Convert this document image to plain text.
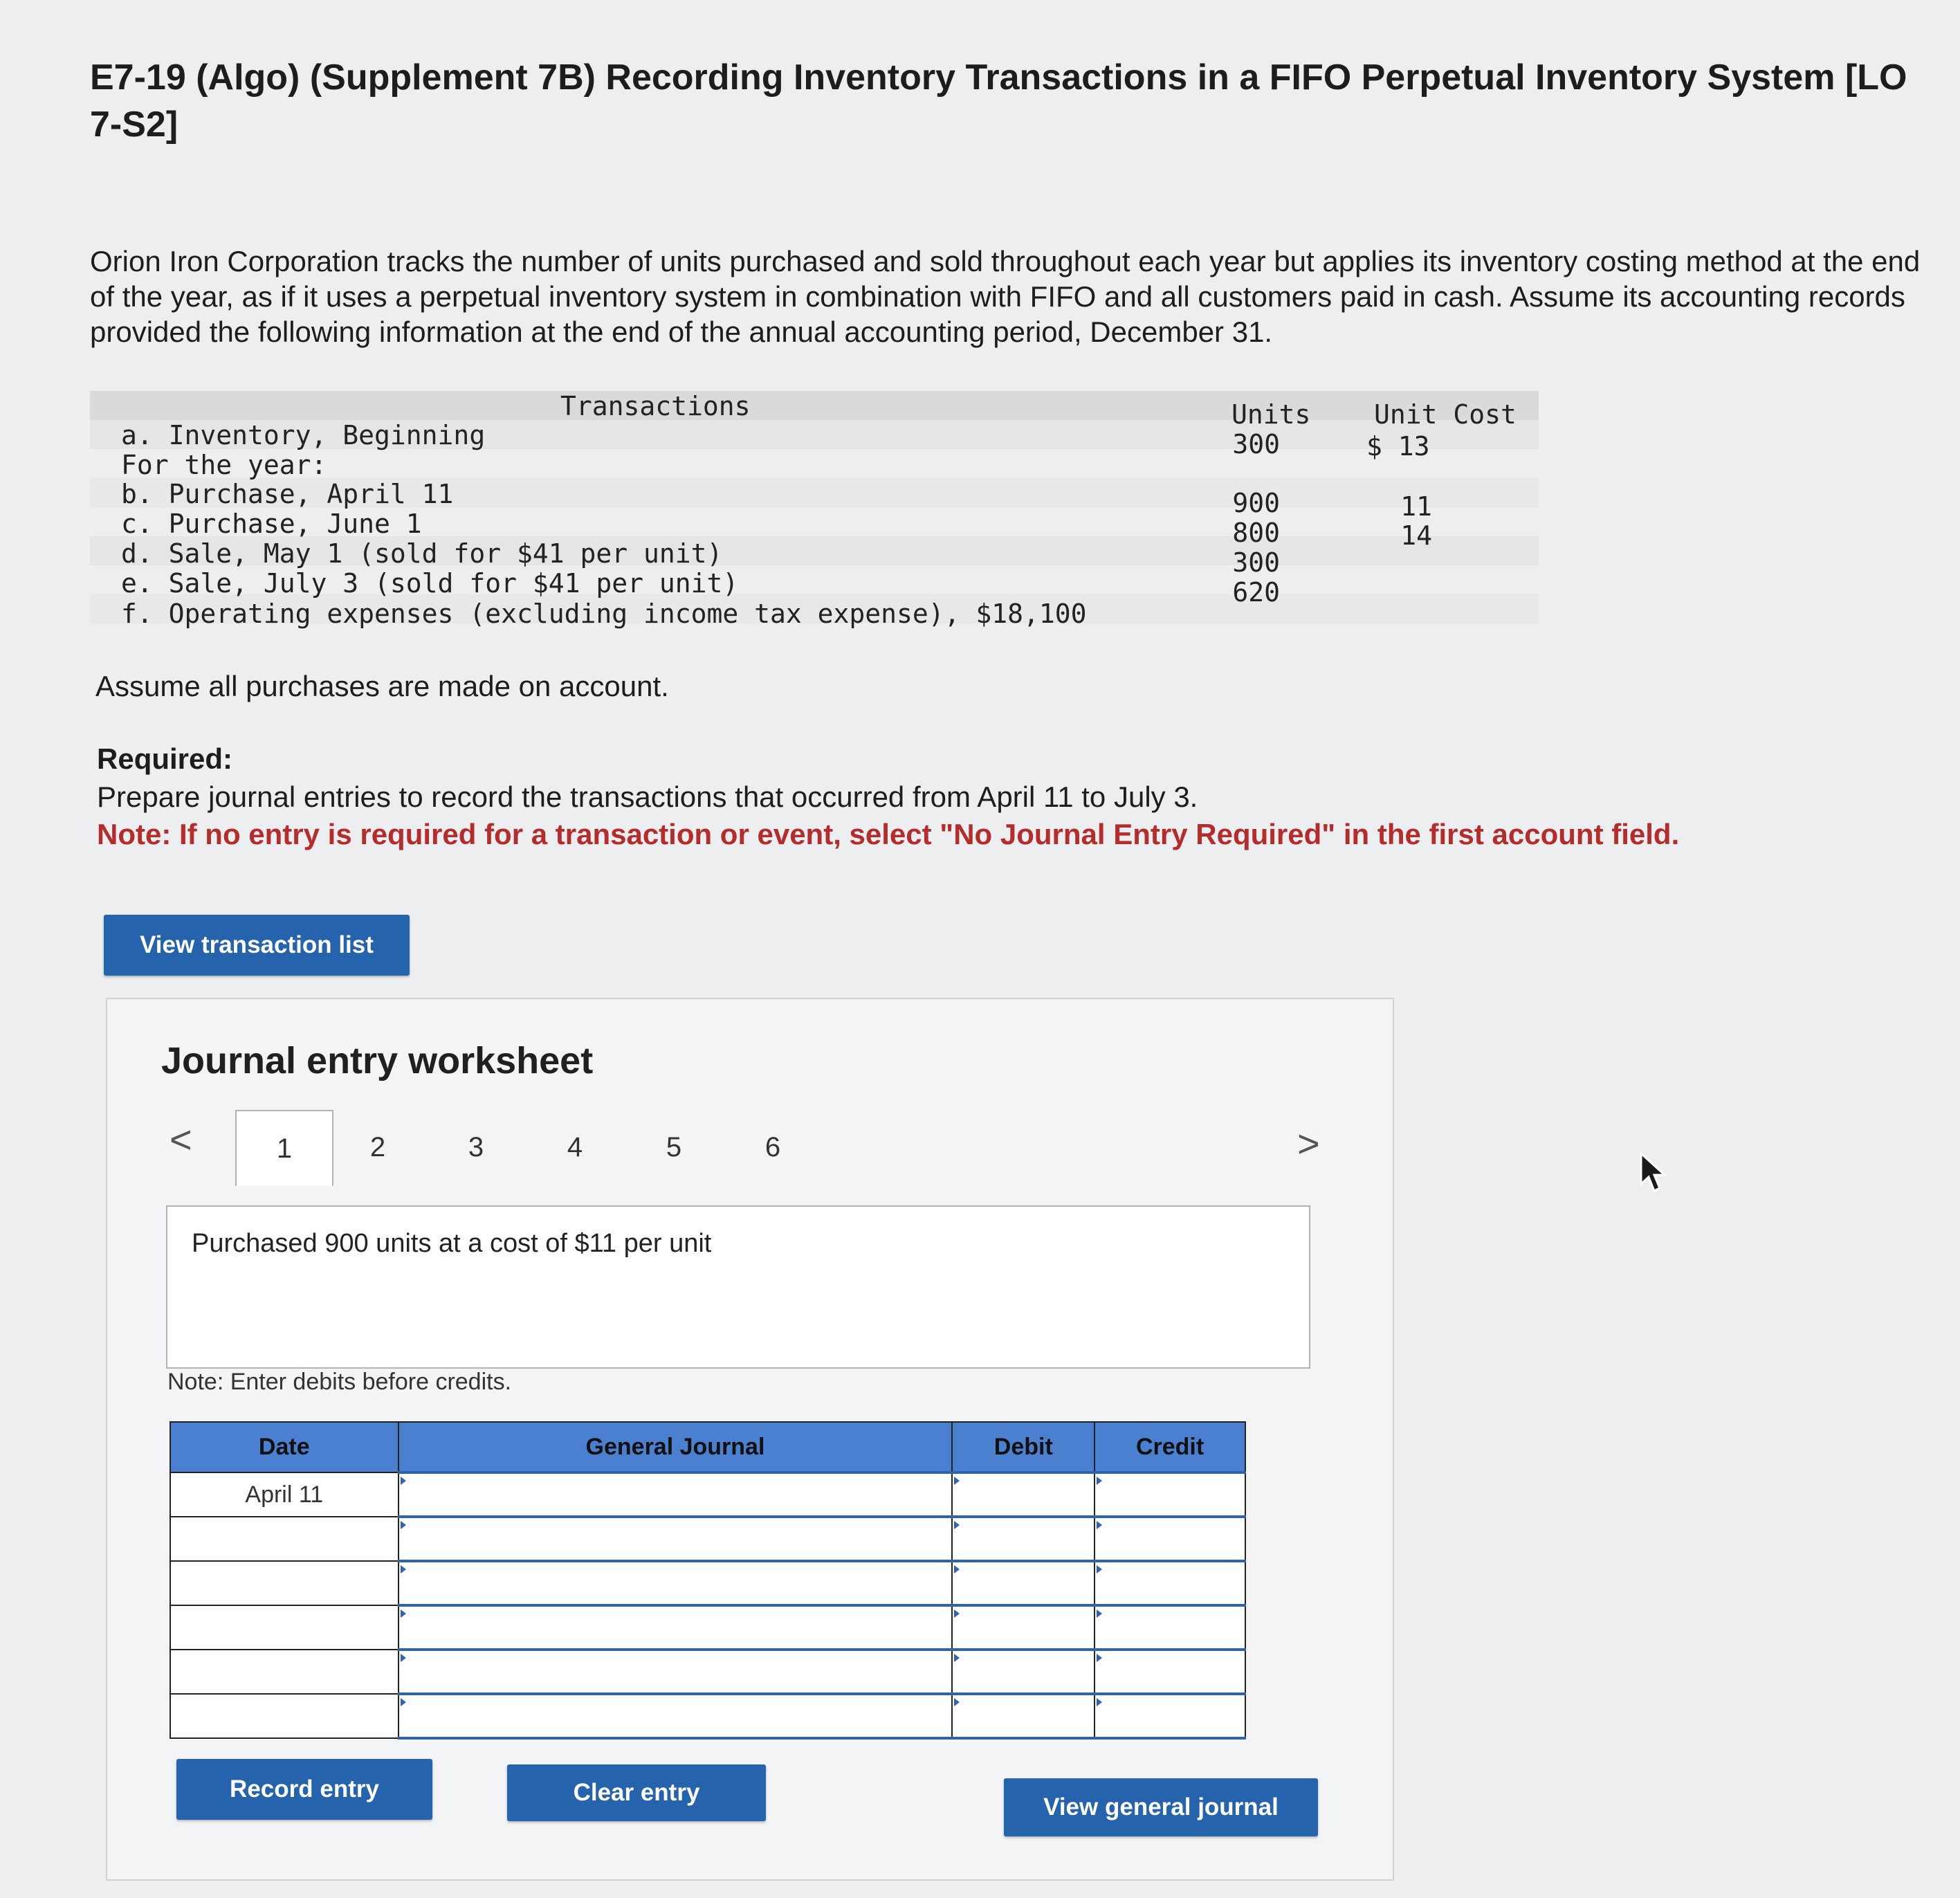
E7-19 (Algo) (Supplement 7B) Recording Inventory Transactions in a FIFO Perpetual Inventory System [LO 7-S2]
Orion Iron Corporation tracks the number of units purchased and sold throughout each year but applies its inventory costing method at the end of the year, as if it uses a perpetual inventory system in combination with FIFO and all customers paid in cash. Assume its accounting records provided the following information at the end of the annual accounting period, December 31.
Transactions	Units Unit Cost
a. Inventory, Beginning	300	$ 13
For the year:
b. Purchase, April 11	900	11
c. Purchase, June 1	800	14
d. Sale, May 1 (sold for $41 per unit)	300
e. Sale, July 3 (sold for $41 per unit)	620
f. Operating expenses (excluding income tax expense), $18,100
Assume all purchases are made on account.
Required:
Prepare journal entries to record the transactions that occurred from April 11 to July 3.
Note: If no entry is required for a transaction or event, select "No Journal Entry Required" in the first account field.
View transaction list
Journal entry worksheet
<	1	2	3	4	5	6	>
Purchased 900 units at a cost of $11 per unit
Note: Enter debits before credits.
Date	General Journal	Debit	Credit
April 11			

Record entry	Clear entry
View general journal
